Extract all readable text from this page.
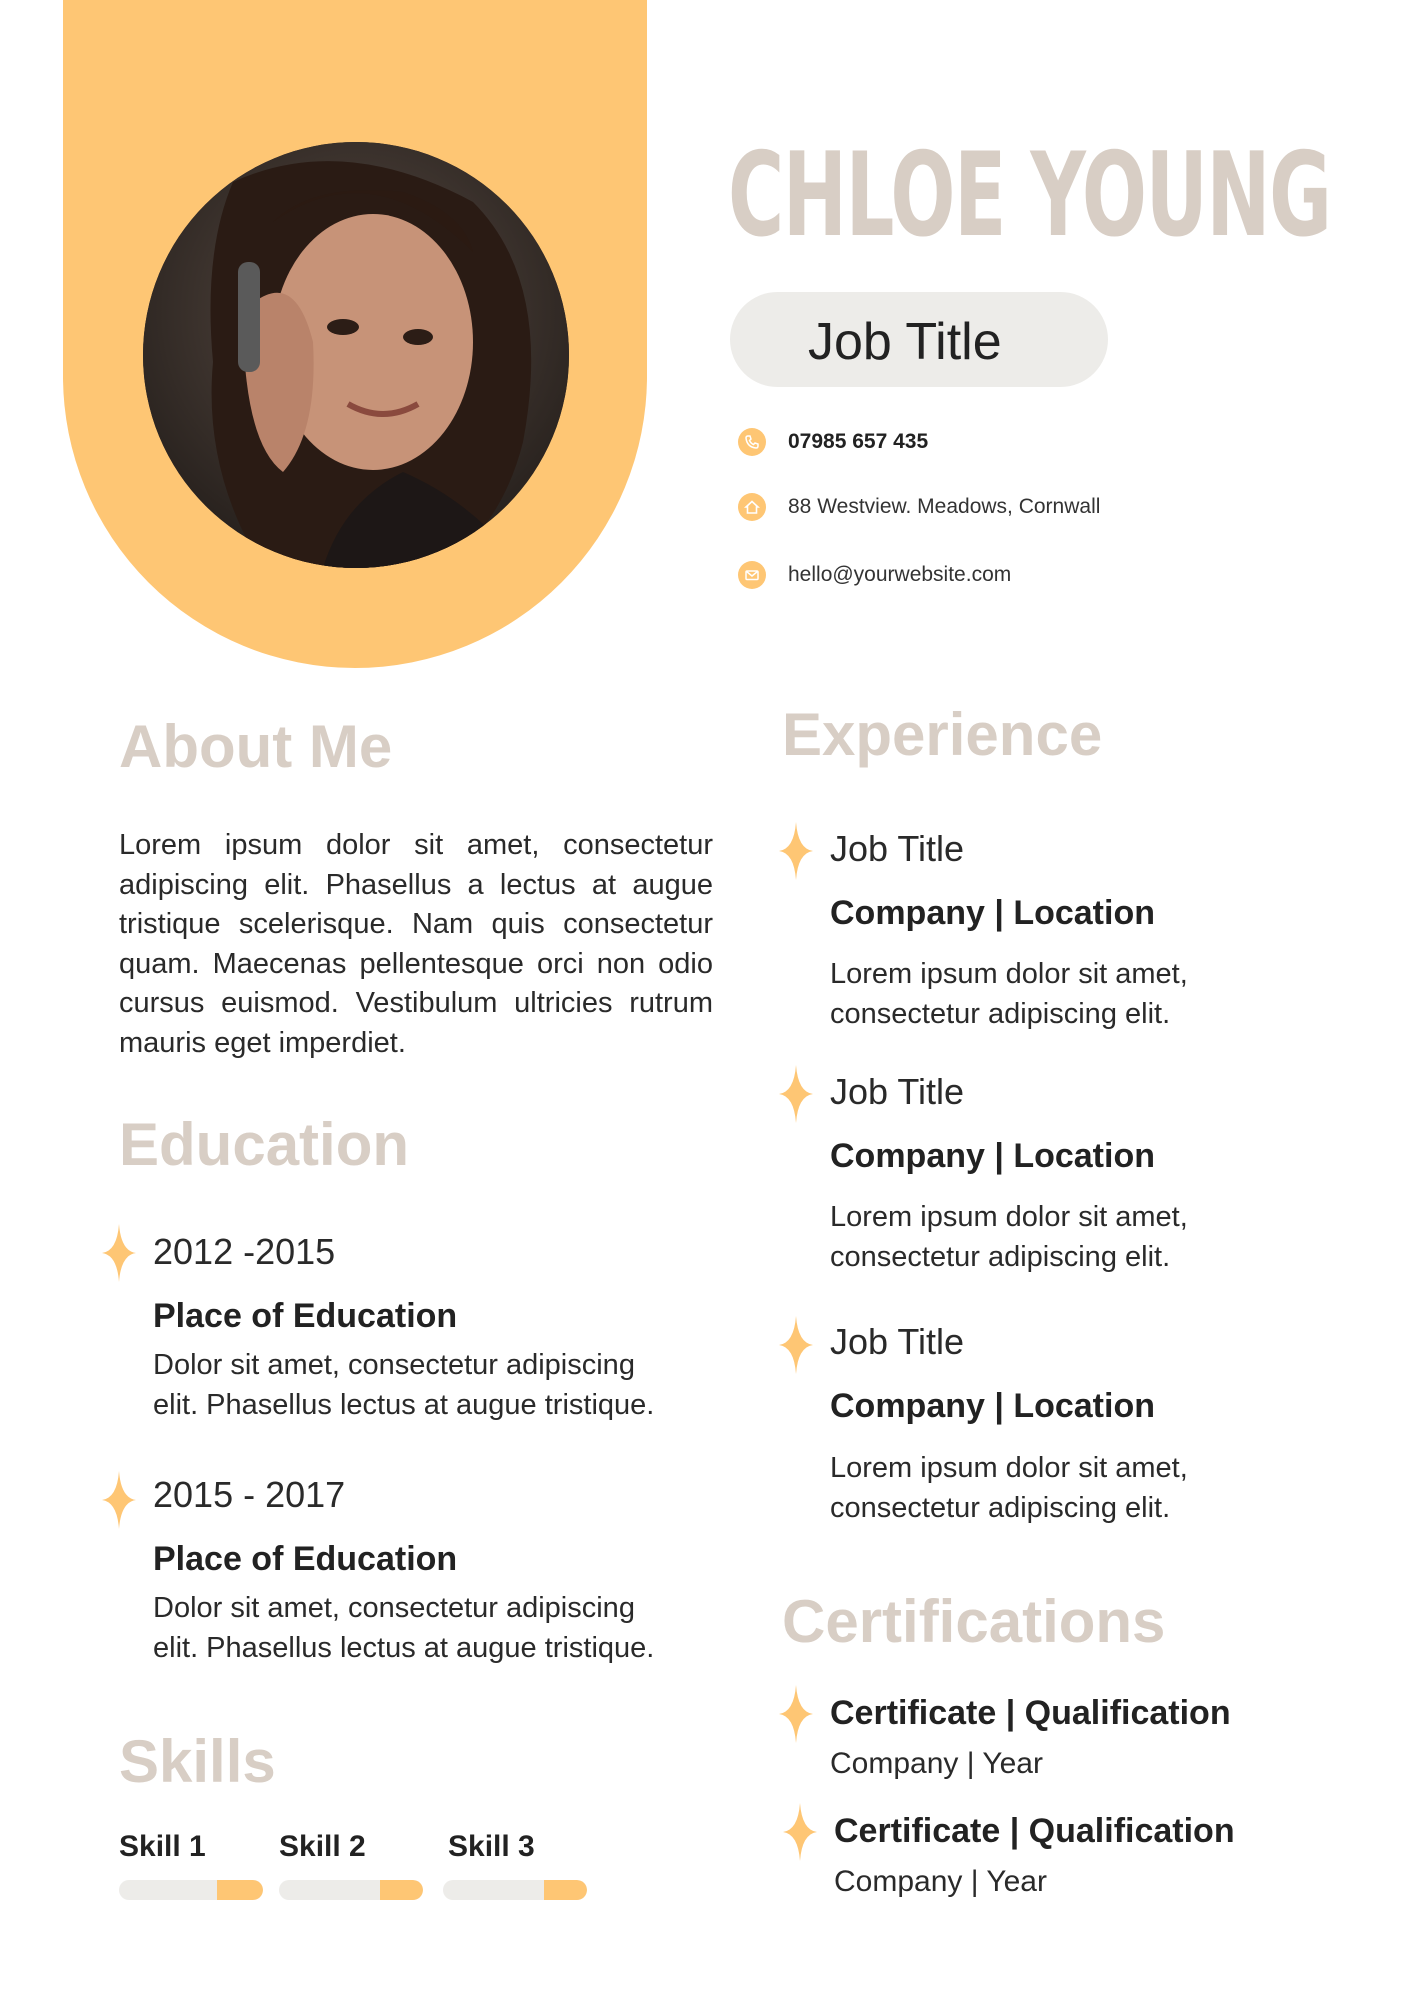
CHLOE YOUNG
Job Title
07985 657 435
88 Westview. Meadows, Cornwall
hello@yourwebsite.com
About Me
Lorem ipsum dolor sit amet, consectetur adipiscing elit. Phasellus a lectus at augue tristique scelerisque. Nam quis consectetur quam. Maecenas pellentesque orci non odio cursus euismod. Vestibulum ultricies rutrum mauris eget imperdiet.
Education
2012 -2015
Place of Education
Dolor sit amet, consectetur adipiscing
elit. Phasellus lectus at augue tristique.
2015 - 2017
Place of Education
Dolor sit amet, consectetur adipiscing
elit. Phasellus lectus at augue tristique.
Skills
Skill 1 Skill 2	Skill 3
Experience
Job Title
Company | Location
Lorem ipsum dolor sit amet,
consectetur adipiscing elit.
Job Title
Company | Location
Lorem ipsum dolor sit amet,
consectetur adipiscing elit.
Job Title
Company | Location
Lorem ipsum dolor sit amet,
consectetur adipiscing elit.
Certifications
Certificate | Qualification
Company | Year
Certificate | Qualification
Company | Year
